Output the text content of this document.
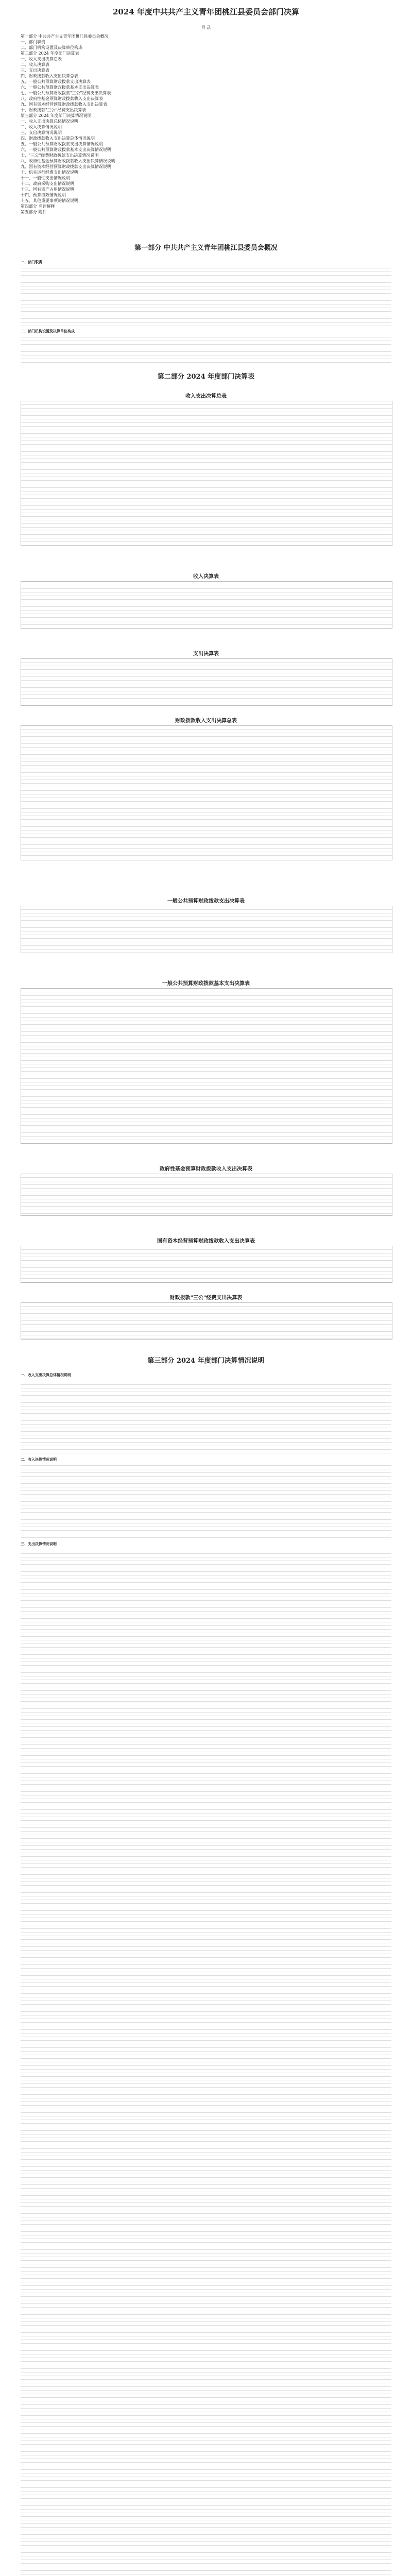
2024 年度中共共产主义青年团桃江县委员会部门决算
目 录
第一部分 中共共产主义青年团桃江县委员会概况
一、部门职责
二、部门机构设置及决算单位构成
第二部分 2024 年度部门决算表
一、收入支出决算总表
二、收入决算表
三、支出决算表
四、财政拨款收入支出决算总表
五、一般公共预算财政拨款支出决算表
六、一般公共预算财政拨款基本支出决算表
七、一般公共预算财政拨款"三公"经费支出决算表
八、政府性基金预算财政拨款收入支出决算表
九、国有资本经营预算财政拨款收入支出决算表
十、财政拨款"三公"经费支出决算表
第三部分 2024 年度部门决算情况说明
一、收入支出决算总体情况说明
二、收入决算情况说明
三、支出决算情况说明
四、财政拨款收入支出决算总体情况说明
五、一般公共预算财政拨款支出决算情况说明
六、一般公共预算财政拨款基本支出决算情况说明
七、"三公"经费财政拨款支出决算情况说明
八、政府性基金预算财政拨款收入支出决算情况说明
九、国有资本经营预算财政拨款支出决算情况说明
十、机关运行经费支出情况说明
十一、一般性支出情况说明
十二、政府采购支出情况说明
十三、国有资产占用情况说明
十四、预算绩效情况说明
十五、其他重要事项的情况说明
第四部分 名词解释
第五部分 附件
第一部分 中共共产主义青年团桃江县委员会概况
一、部门职责
二、部门机构设置及决算单位构成
第二部分 2024 年度部门决算表
收入支出决算总表
收入决算表
支出决算表
财政拨款收入支出决算总表
一般公共预算财政拨款支出决算表
一般公共预算财政拨款基本支出决算表
政府性基金预算财政拨款收入支出决算表
国有资本经营预算财政拨款收入支出决算表
财政拨款"三公"经费支出决算表
第三部分 2024 年度部门决算情况说明
一、收入支出决算总体情况说明
二、收入决算情况说明
三、支出决算情况说明
